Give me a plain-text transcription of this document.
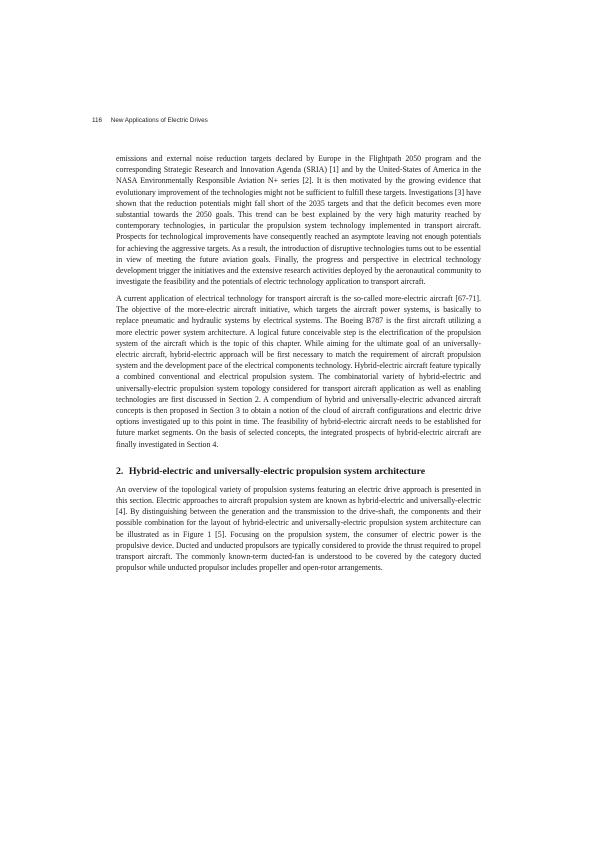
116 New Applications of Electric Drives

emissions and external noise reduction targets declared by Europe in the Flightpath 2050 program and the corresponding Strategic Research and Innovation Agenda (SRIA) [1] and by the United-States of America in the NASA Environmentally Responsible Aviation N+ series [2]. It is then motivated by the growing evidence that evolutionary improvement of the technologies might not be sufficient to fulfill these targets. Investigations [3] have shown that the reduction potentials might fall short of the 2035 targets and that the deficit becomes even more substantial towards the 2050 goals. This trend can be best explained by the very high maturity reached by contemporary technologies, in particular the propulsion system technology implemented in transport aircraft. Prospects for technological improvements have consequently reached an asymptote leaving not enough potentials for achieving the aggressive targets. As a result, the introduction of disruptive technologies turns out to be essential in view of meeting the future aviation goals. Finally, the progress and perspective in electrical technology development trigger the initiatives and the extensive research activities deployed by the aeronautical community to investigate the feasibility and the potentials of electric technology application to transport aircraft.

A current application of electrical technology for transport aircraft is the so-called more-electric aircraft [67-71]. The objective of the more-electric aircraft initiative, which targets the aircraft power systems, is basically to replace pneumatic and hydraulic systems by electrical systems. The Boeing B787 is the first aircraft utilizing a more electric power system architecture. A logical future conceivable step is the electrification of the propulsion system of the aircraft which is the topic of this chapter. While aiming for the ultimate goal of an universally-electric aircraft, hybrid-electric approach will be first necessary to match the requirement of aircraft propulsion system and the development pace of the electrical components technology. Hybrid-electric aircraft feature typically a combined conventional and electrical propulsion system. The combinatorial variety of hybrid-electric and universally-electric propulsion system topology considered for transport aircraft application as well as enabling technologies are first discussed in Section 2. A compendium of hybrid and universally-electric advanced aircraft concepts is then proposed in Section 3 to obtain a notion of the cloud of aircraft configurations and electric drive options investigated up to this point in time. The feasibility of hybrid-electric aircraft needs to be established for future market segments. On the basis of selected concepts, the integrated prospects of hybrid-electric aircraft are finally investigated in Section 4.

2. Hybrid-electric and universally-electric propulsion system architecture

An overview of the topological variety of propulsion systems featuring an electric drive approach is presented in this section. Electric approaches to aircraft propulsion system are known as hybrid-electric and universally-electric [4]. By distinguishing between the generation and the transmission to the drive-shaft, the components and their possible combination for the layout of hybrid-electric and universally-electric propulsion system architecture can be illustrated as in Figure 1 [5]. Focusing on the propulsion system, the consumer of electric power is the propulsive device. Ducted and unducted propulsors are typically considered to provide the thrust required to propel transport aircraft. The commonly known-term ducted-fan is understood to be covered by the category ducted propulsor while unducted propulsor includes propeller and open-rotor arrangements.
